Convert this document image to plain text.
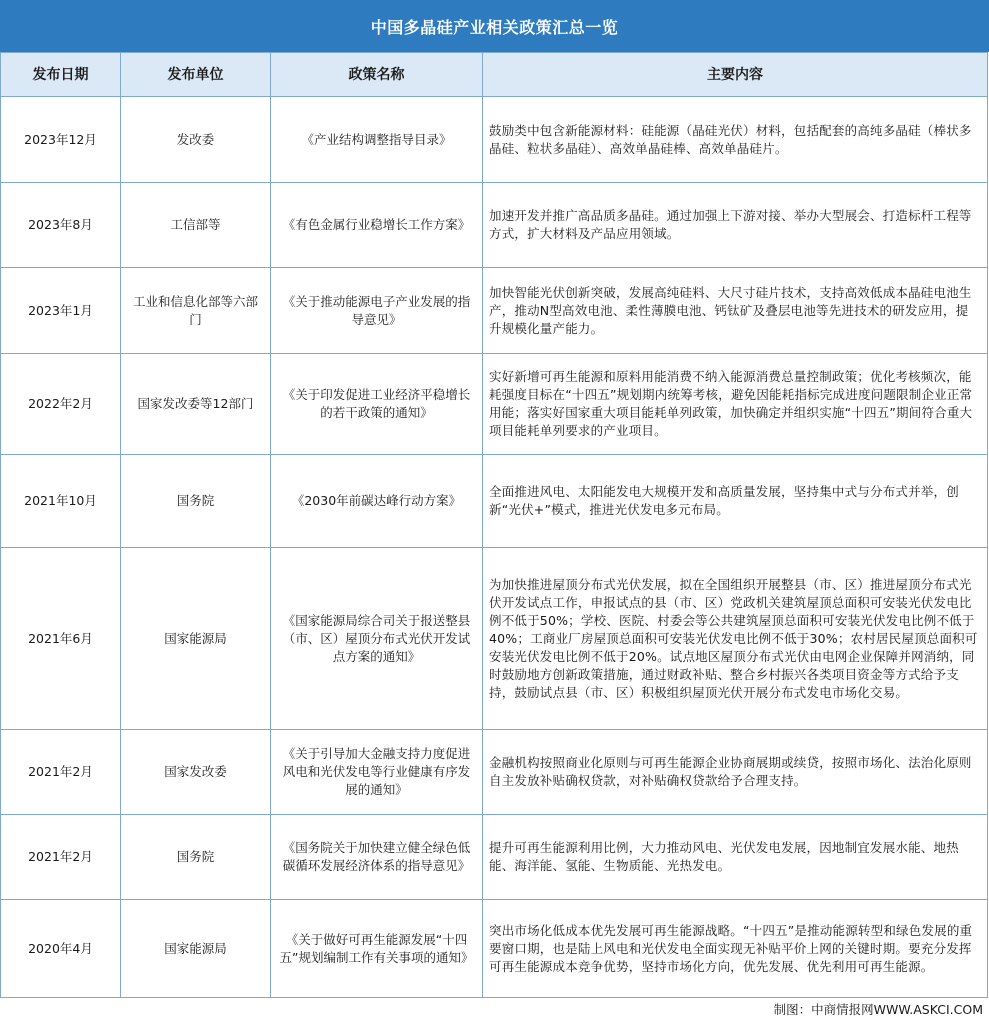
中国多晶硅产业相关政策汇总一览
发布日期	发布单位	政策名称	主要内容
2023年12月	发改委	《产业结构调整指导目录》	鼓励类中包含新能源材料：硅能源（晶硅光伏）材料，包括配套的高纯多晶硅（棒状多晶硅、粒状多晶硅）、高效单晶硅棒、高效单晶硅片。
2023年8月	工信部等	《有色金属行业稳增长工作方案》	加速开发并推广高品质多晶硅。通过加强上下游对接、举办大型展会、打造标杆工程等方式，扩大材料及产品应用领域。
2023年1月	工业和信息化部等六部门	《关于推动能源电子产业发展的指导意见》	加快智能光伏创新突破，发展高纯硅料、大尺寸硅片技术，支持高效低成本晶硅电池生产，推动N型高效电池、柔性薄膜电池、钙钛矿及叠层电池等先进技术的研发应用，提升规模化量产能力。
2022年2月	国家发改委等12部门	《关于印发促进工业经济平稳增长的若干政策的通知》	实好新增可再生能源和原料用能消费不纳入能源消费总量控制政策；优化考核频次，能耗强度目标在“十四五”规划期内统筹考核，避免因能耗指标完成进度问题限制企业正常用能；落实好国家重大项目能耗单列政策，加快确定并组织实施“十四五”期间符合重大项目能耗单列要求的产业项目。
2021年10月	国务院	《2030年前碳达峰行动方案》	全面推进风电、太阳能发电大规模开发和高质量发展，坚持集中式与分布式并举，创新“光伏+”模式，推进光伏发电多元布局。
2021年6月	国家能源局	《国家能源局综合司关于报送整县（市、区）屋顶分布式光伏开发试点方案的通知》	为加快推进屋顶分布式光伏发展，拟在全国组织开展整县（市、区）推进屋顶分布式光伏开发试点工作，申报试点的县（市、区）党政机关建筑屋顶总面积可安装光伏发电比例不低于50%；学校、医院、村委会等公共建筑屋顶总面积可安装光伏发电比例不低于40%；工商业厂房屋顶总面积可安装光伏发电比例不低于30%；农村居民屋顶总面积可安装光伏发电比例不低于20%。试点地区屋顶分布式光伏由电网企业保障并网消纳，同时鼓励地方创新政策措施，通过财政补贴、整合乡村振兴各类项目资金等方式给予支持，鼓励试点县（市、区）积极组织屋顶光伏开展分布式发电市场化交易。
2021年2月	国家发改委	《关于引导加大金融支持力度促进风电和光伏发电等行业健康有序发展的通知》	金融机构按照商业化原则与可再生能源企业协商展期或续贷，按照市场化、法治化原则自主发放补贴确权贷款，对补贴确权贷款给予合理支持。
2021年2月	国务院	《国务院关于加快建立健全绿色低碳循环发展经济体系的指导意见》	提升可再生能源利用比例，大力推动风电、光伏发电发展，因地制宜发展水能、地热能、海洋能、氢能、生物质能、光热发电。
2020年4月	国家能源局	《关于做好可再生能源发展“十四五”规划编制工作有关事项的通知》	突出市场化低成本优先发展可再生能源战略。“十四五”是推动能源转型和绿色发展的重要窗口期，也是陆上风电和光伏发电全面实现无补贴平价上网的关键时期。要充分发挥可再生能源成本竞争优势，坚持市场化方向，优先发展、优先利用可再生能源。
制图：中商情报网WWW.ASKCI.COM
